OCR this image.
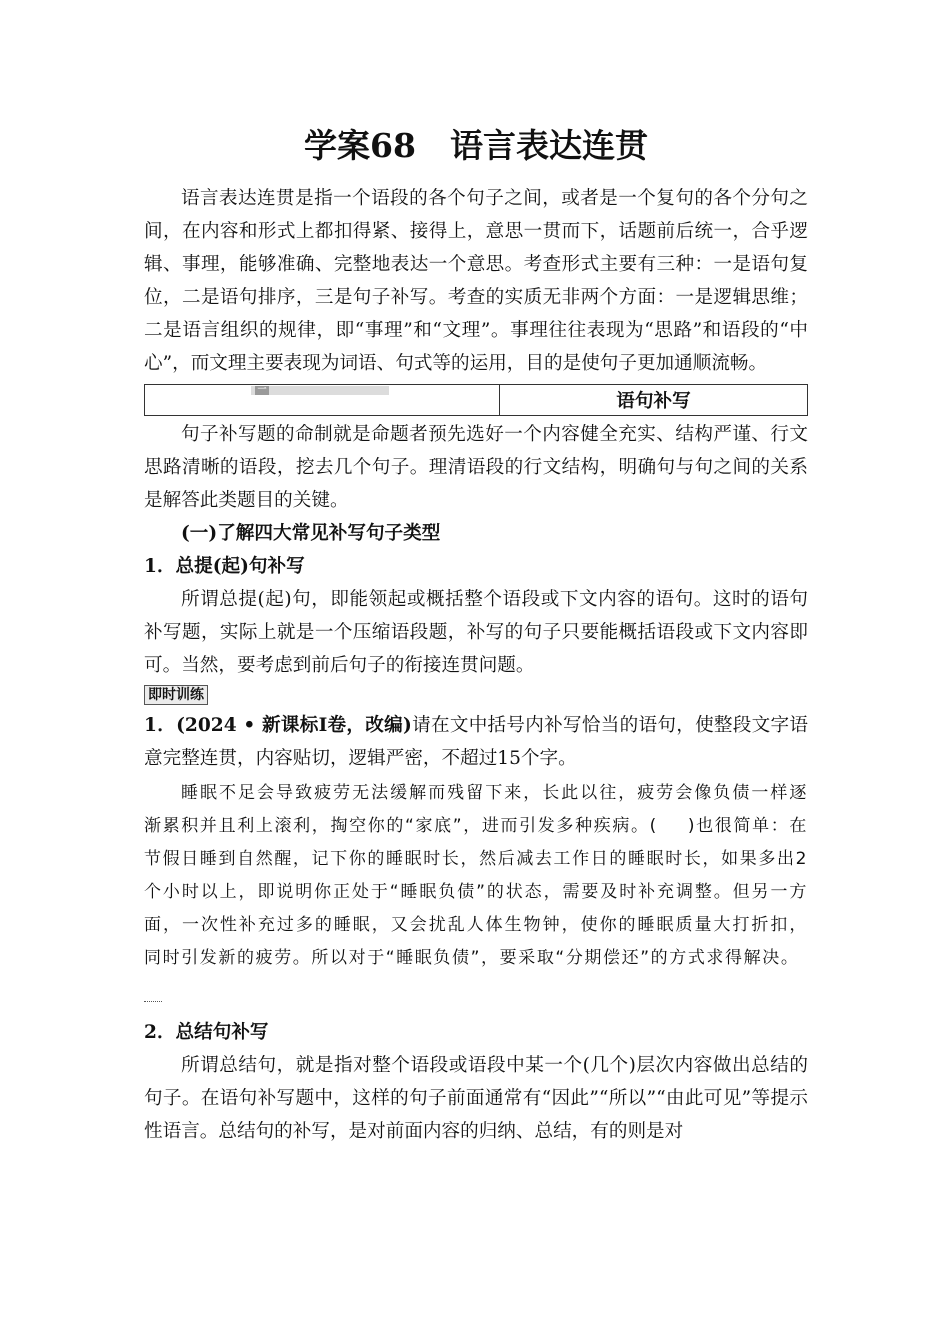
学案68 语言表达连贯

语言表达连贯是指一个语段的各个句子之间，或者是一个复句的各个分句之间，在内容和形式上都扣得紧、接得上，意思一贯而下，话题前后统一，合乎逻辑、事理，能够准确、完整地表达一个意思。考查形式主要有三种：一是语句复位，二是语句排序，三是句子补写。考查的实质无非两个方面：一是逻辑思维；二是语言组织的规律，即“事理”和“文理”。事理往往表现为“思路”和语段的“中心”，而文理主要表现为词语、句式等的运用，目的是使句子更加通顺流畅。

一
	语句补写

句子补写题的命制就是命题者预先选好一个内容健全充实、结构严谨、行文思路清晰的语段，挖去几个句子。理清语段的行文结构，明确句与句之间的关系是解答此类题目的关键。

(一)了解四大常见补写句子类型

1．总提(起)句补写

所谓总提(起)句，即能领起或概括整个语段或下文内容的语句。这时的语句补写题，实际上就是一个压缩语段题，补写的句子只要能概括语段或下文内容即可。当然，要考虑到前后句子的衔接连贯问题。

即时训练

1．(2024 • 新课标Ⅰ卷，改编)请在文中括号内补写恰当的语句，使整段文字语意完整连贯，内容贴切，逻辑严密，不超过15个字。

睡眠不足会导致疲劳无法缓解而残留下来，长此以往，疲劳会像负债一样逐渐累积并且利上滚利，掏空你的“家底”，进而引发多种疾病。( )也很简单：在节假日睡到自然醒，记下你的睡眠时长，然后减去工作日的睡眠时长，如果多出2个小时以上，即说明你正处于“睡眠负债”的状态，需要及时补充调整。但另一方面，一次性补充过多的睡眠，又会扰乱人体生物钟，使你的睡眠质量大打折扣，同时引发新的疲劳。所以对于“睡眠负债”，要采取“分期偿还”的方式求得解决。

2．总结句补写

所谓总结句，就是指对整个语段或语段中某一个(几个)层次内容做出总结的句子。在语句补写题中，这样的句子前面通常有“因此”“所以”“由此可见”等提示性语言。总结句的补写，是对前面内容的归纳、总结，有的则是对
